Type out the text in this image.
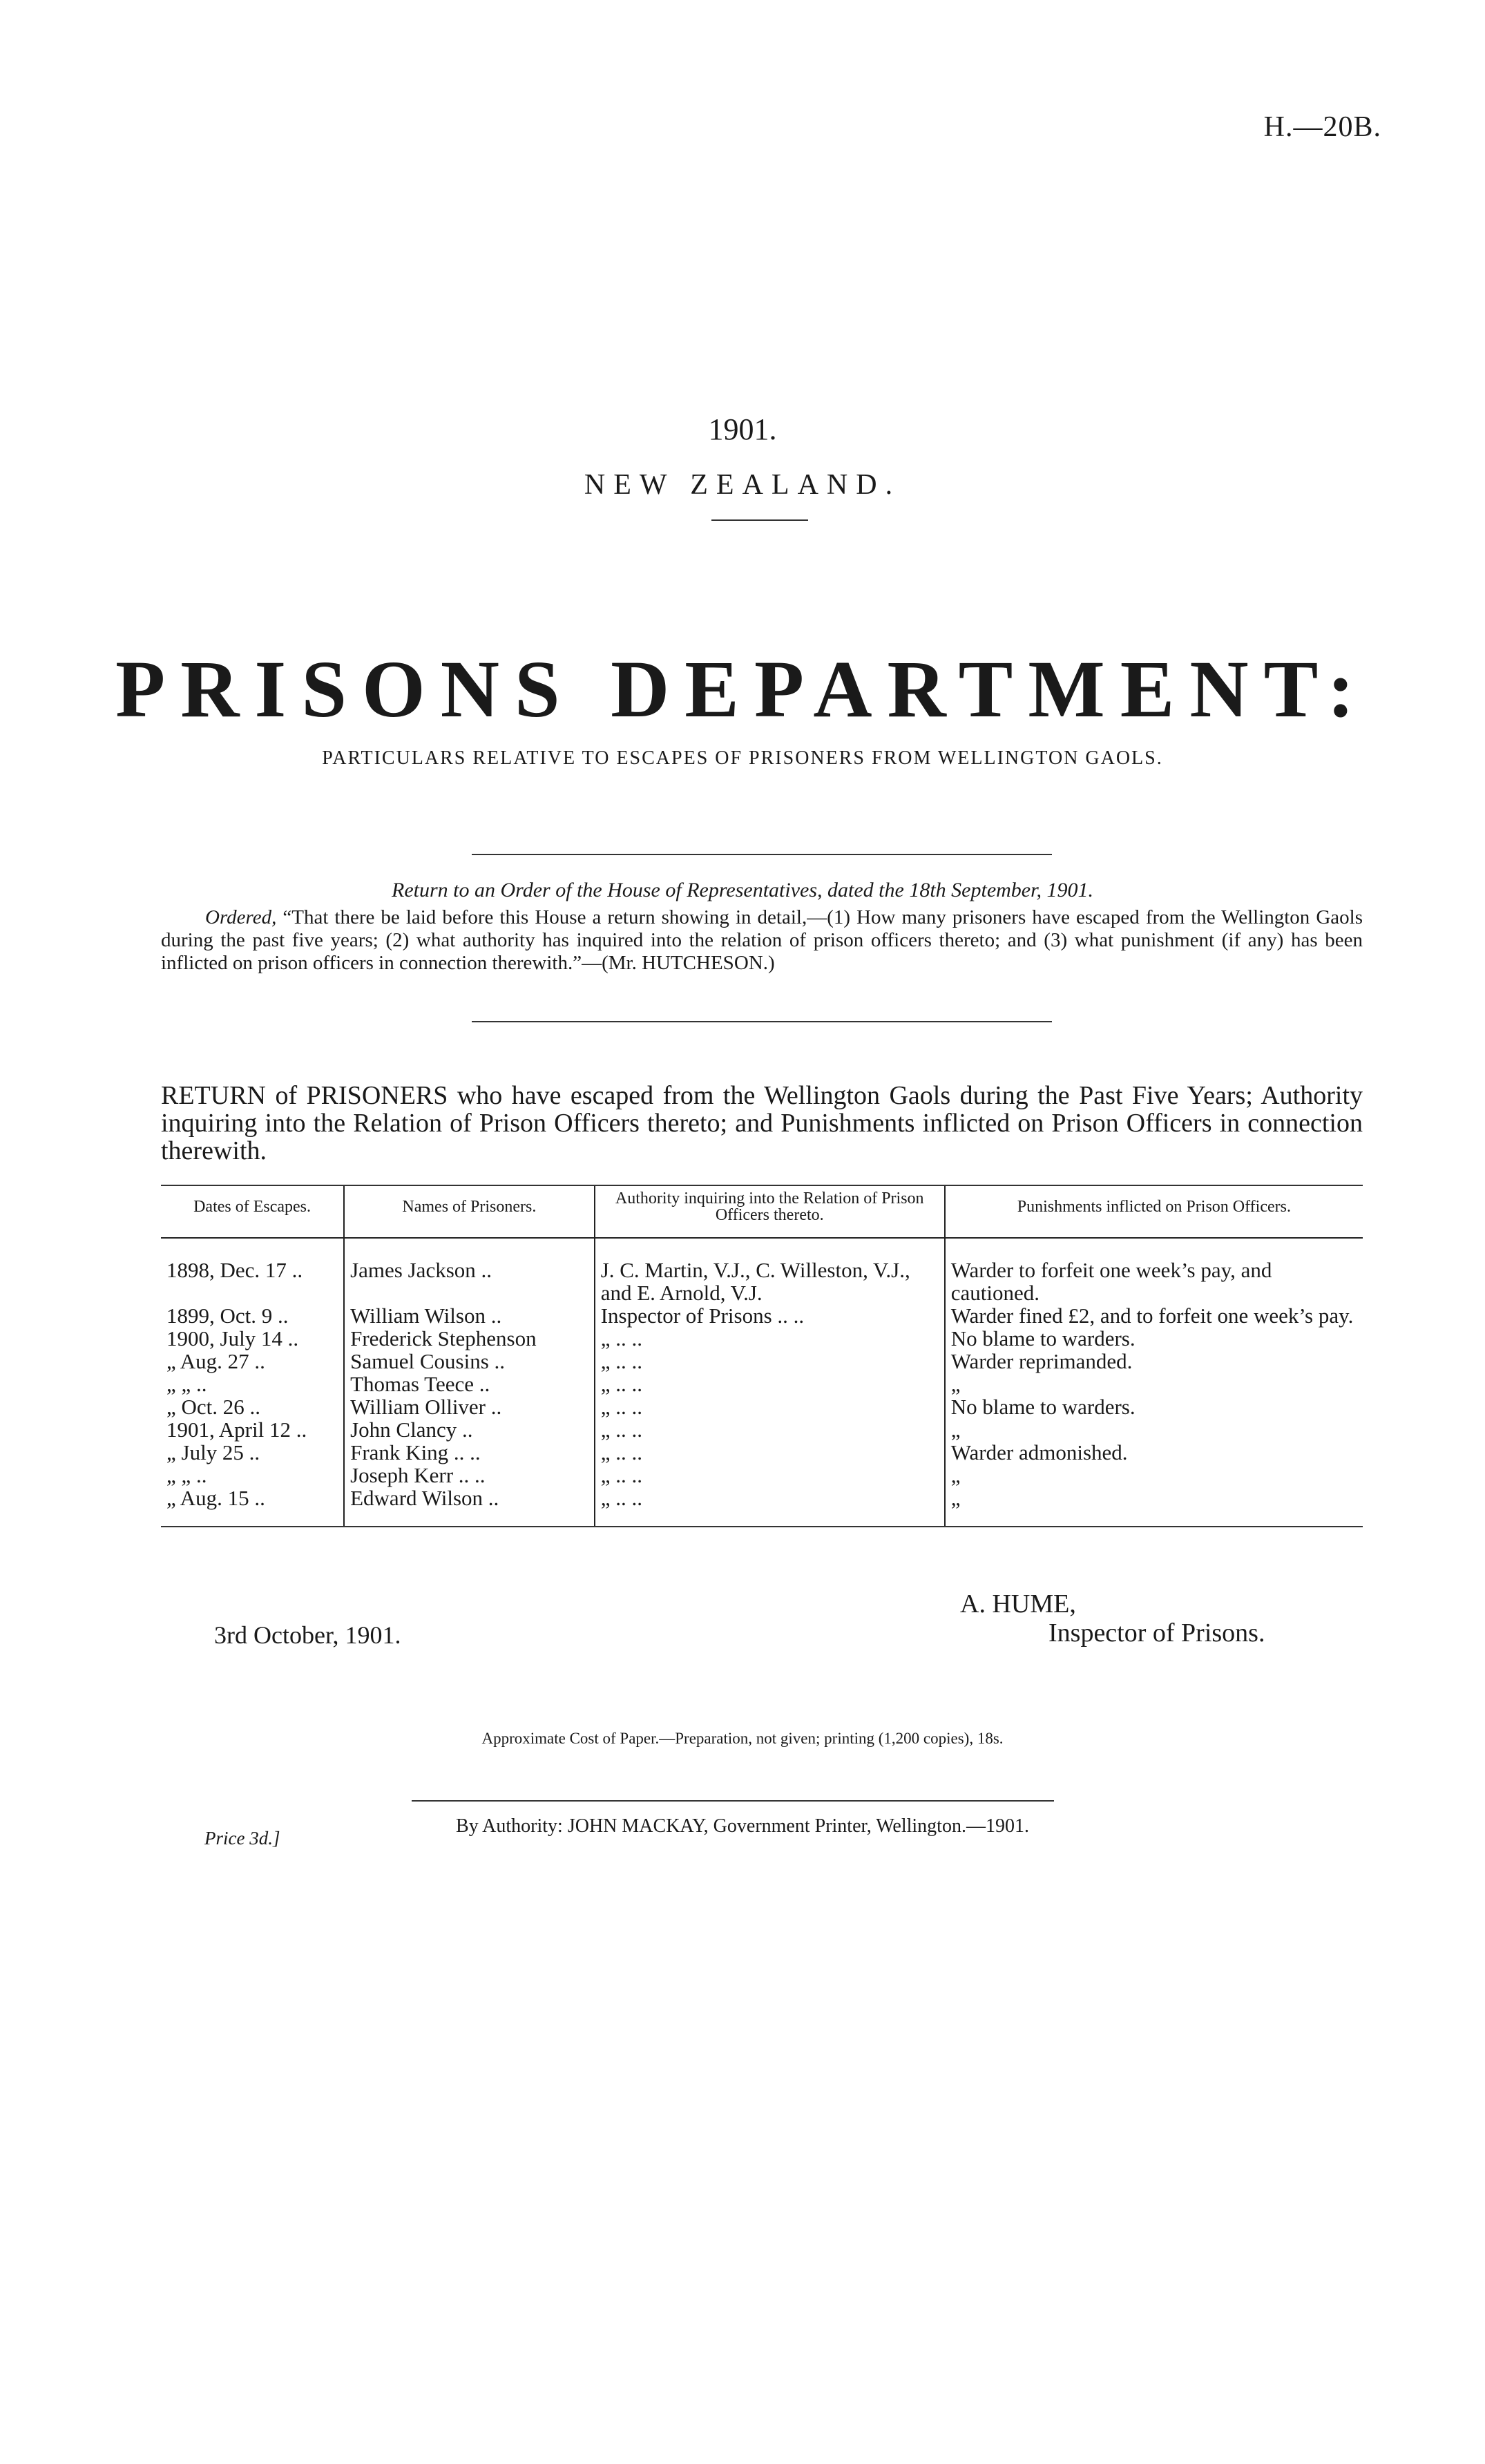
H.—20B.
1901.
NEW ZEALAND.
PRISONS DEPARTMENT:
PARTICULARS RELATIVE TO ESCAPES OF PRISONERS FROM WELLINGTON GAOLS.
Return to an Order of the House of Representatives, dated the 18th September, 1901.
Ordered, “That there be laid before this House a return showing in detail,—(1) How many prisoners have escaped from the Wellington Gaols during the past five years; (2) what authority has inquired into the relation of prison officers thereto; and (3) what punishment (if any) has been inflicted on prison officers in connection therewith.”—(Mr. HUTCHESON.)
RETURN of PRISONERS who have escaped from the Wellington Gaols during the Past Five Years; Authority inquiring into the Relation of Prison Officers thereto; and Punishments inflicted on Prison Officers in connection therewith.
Dates of Escapes.	Names of Prisoners.	Authority inquiring into the Relation of Prison Officers thereto.	Punishments inflicted on Prison Officers.

1898, Dec. 17 ..	James Jackson ..	J. C. Martin, V.J., C. Willeston, V.J., and E. Arnold, V.J.	Warder to forfeit one week’s pay, and cautioned.
1899, Oct. 9 ..	William Wilson ..	Inspector of Prisons .. ..	Warder fined £2, and to forfeit one week’s pay.
1900, July 14 ..	Frederick Stephenson	„ .. ..	No blame to warders.
„ Aug. 27 ..	Samuel Cousins ..	„ .. ..	Warder reprimanded.
„ „ ..	Thomas Teece ..	„ .. ..	„
„ Oct. 26 ..	William Olliver ..	„ .. ..	No blame to warders.
1901, April 12 ..	John Clancy ..	„ .. ..	„
„ July 25 ..	Frank King .. ..	„ .. ..	Warder admonished.
„ „ ..	Joseph Kerr .. ..	„ .. ..	„
„ Aug. 15 ..	Edward Wilson ..	„ .. ..	„

3rd October, 1901.
A. HUME,
Inspector of Prisons.
Approximate Cost of Paper.—Preparation, not given; printing (1,200 copies), 18s.
By Authority: JOHN MACKAY, Government Printer, Wellington.—1901.
Price 3d.]
